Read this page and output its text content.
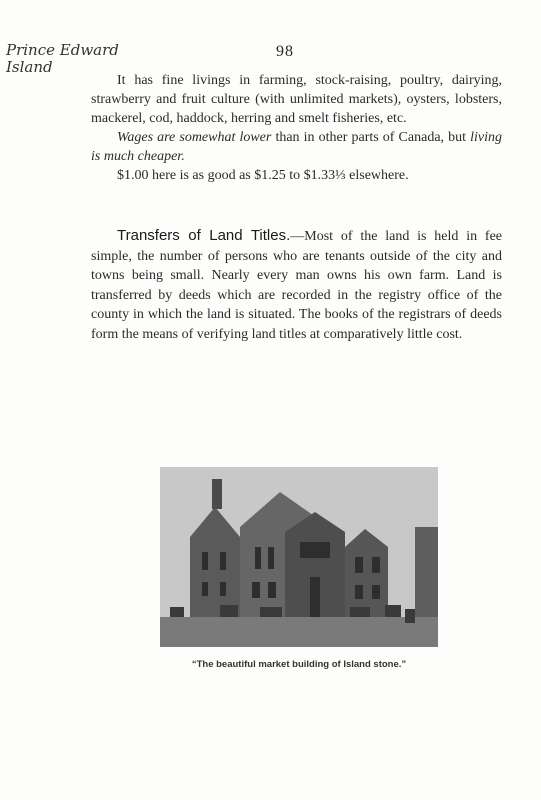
Prince Edward
Island
98

It has fine livings in farming, stock-raising, poultry, dairying, strawberry and fruit culture (with unlimited markets), oysters, lobsters, mackerel, cod, haddock, herring and smelt fisheries, etc.

Wages are somewhat lower than in other parts of Canada, but living is much cheaper.

$1.00 here is as good as $1.25 to $1.33⅓ elsewhere.

Transfers of Land Titles.—Most of the land is held in fee simple, the number of persons who are tenants outside of the city and towns being small. Nearly every man owns his own farm. Land is transferred by deeds which are recorded in the registry office of the county in which the land is situated. The books of the registrars of deeds form the means of verifying land titles at comparatively little cost.

“The beautiful market building of Island stone.”
